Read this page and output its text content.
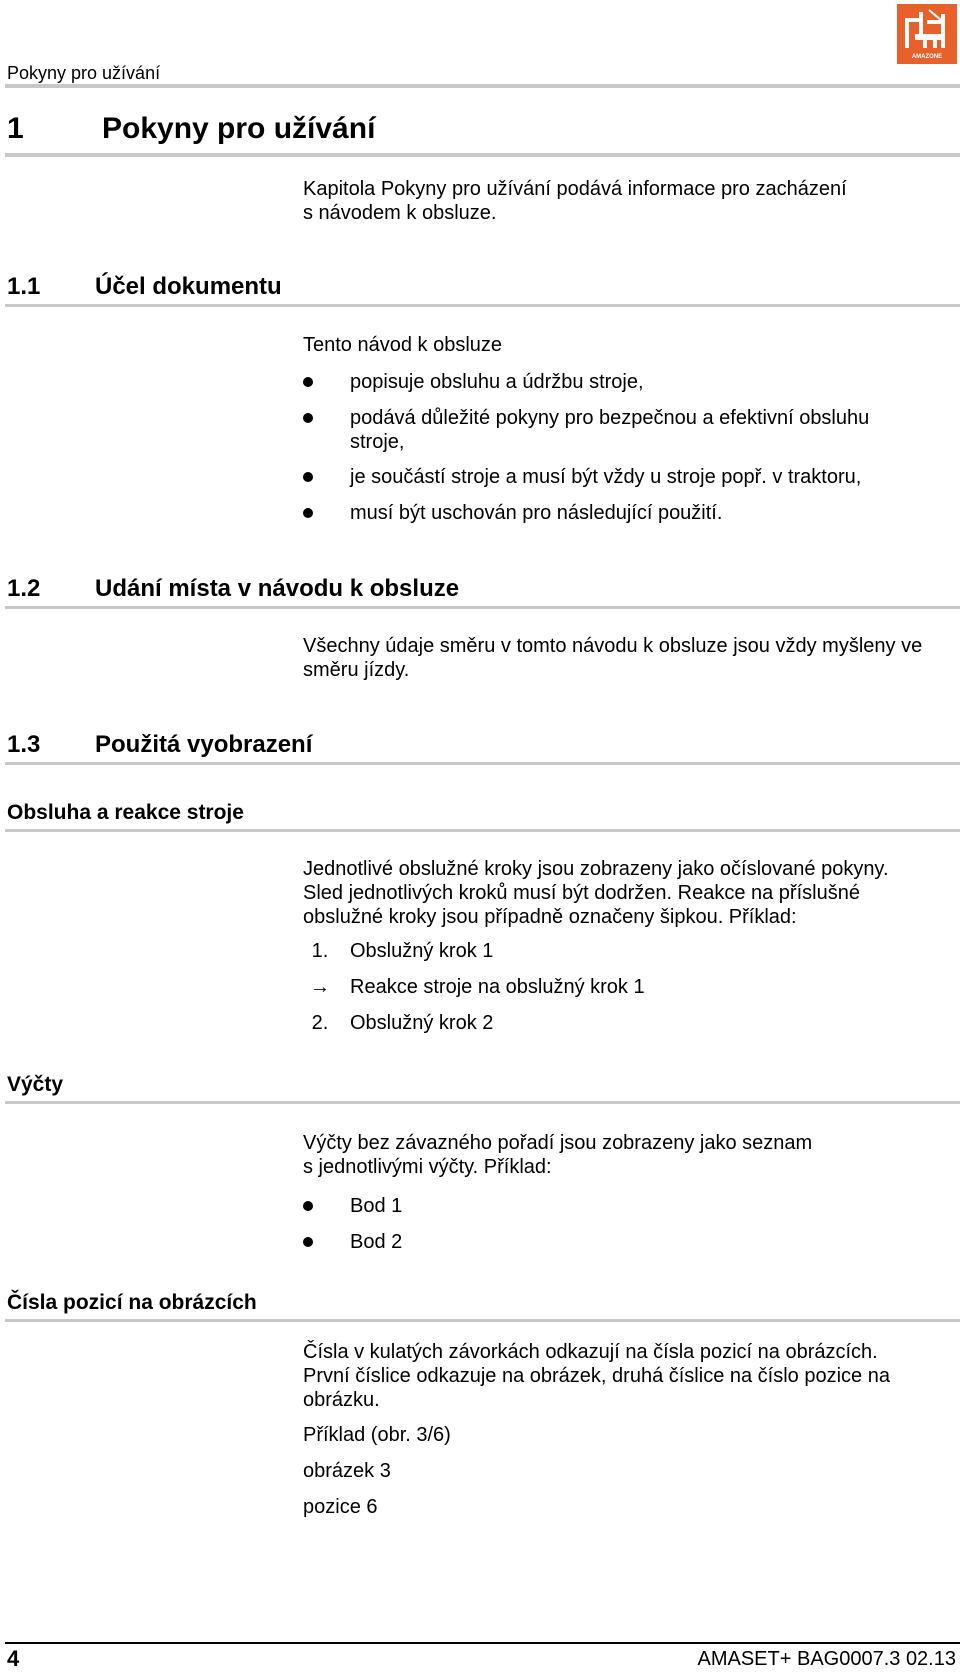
AMAZONE
Pokyny pro užívání
1	Pokyny pro užívání
Kapitola Pokyny pro užívání podává informace pro zacházení
s návodem k obsluze.
1.1 Účel dokumentu
Tento návod k obsluze
popisuje obsluhu a údržbu stroje,
podává důležité pokyny pro bezpečnou a efektivní obsluhu
stroje,
je součástí stroje a musí být vždy u stroje popř. v traktoru,
musí být uschován pro následující použití.
1.2 Udání místa v návodu k obsluze
Všechny údaje směru v tomto návodu k obsluze jsou vždy myšleny ve
směru jízdy.
1.3 Použitá vyobrazení
Obsluha a reakce stroje
Jednotlivé obslužné kroky jsou zobrazeny jako očíslované pokyny.
Sled jednotlivých kroků musí být dodržen. Reakce na příslušné
obslužné kroky jsou případně označeny šipkou. Příklad:
1.	Obslužný krok 1
→	Reakce stroje na obslužný krok 1
2.	Obslužný krok 2
Výčty
Výčty bez závazného pořadí jsou zobrazeny jako seznam
s jednotlivými výčty. Příklad:
Bod 1
Bod 2
Čísla pozicí na obrázcích
Čísla v kulatých závorkách odkazují na čísla pozicí na obrázcích.
První číslice odkazuje na obrázek, druhá číslice na číslo pozice na
obrázku.
Příklad (obr. 3/6)
obrázek 3
pozice 6
4	AMASET+ BAG0007.3 02.13
